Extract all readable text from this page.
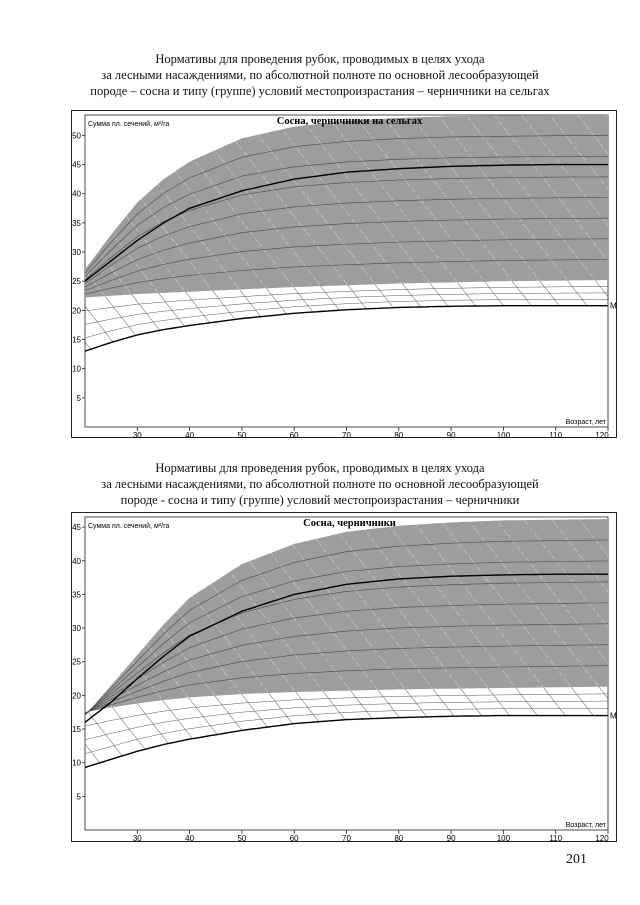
Нормативы для проведения рубок, проводимых в целях ухода
за лесными насаждениями, по абсолютной полноте по основной лесообразующей
породе – сосна и типу (группе) условий местопроизрастания – черничники на сельгах
30	40	50	60	70	80	90	100	110	120
5
10
15
20
25
30
35
40
45
50
Сосна, черничники на сельгах
Сумма пл. сечений, м²/га
Возраст, лет
М
Нормативы для проведения рубок, проводимых в целях ухода
за лесными насаждениями, по абсолютной полноте по основной лесообразующей
породе - сосна и типу (группе) условий местопроизрастания – черничники
30	40	50	60	70	80	90	100	110	120
5
10
15
20
25
30
35
40
45	Сосна, черничники
Сумма пл. сечений, м²/га
Возраст, лет
М
201
